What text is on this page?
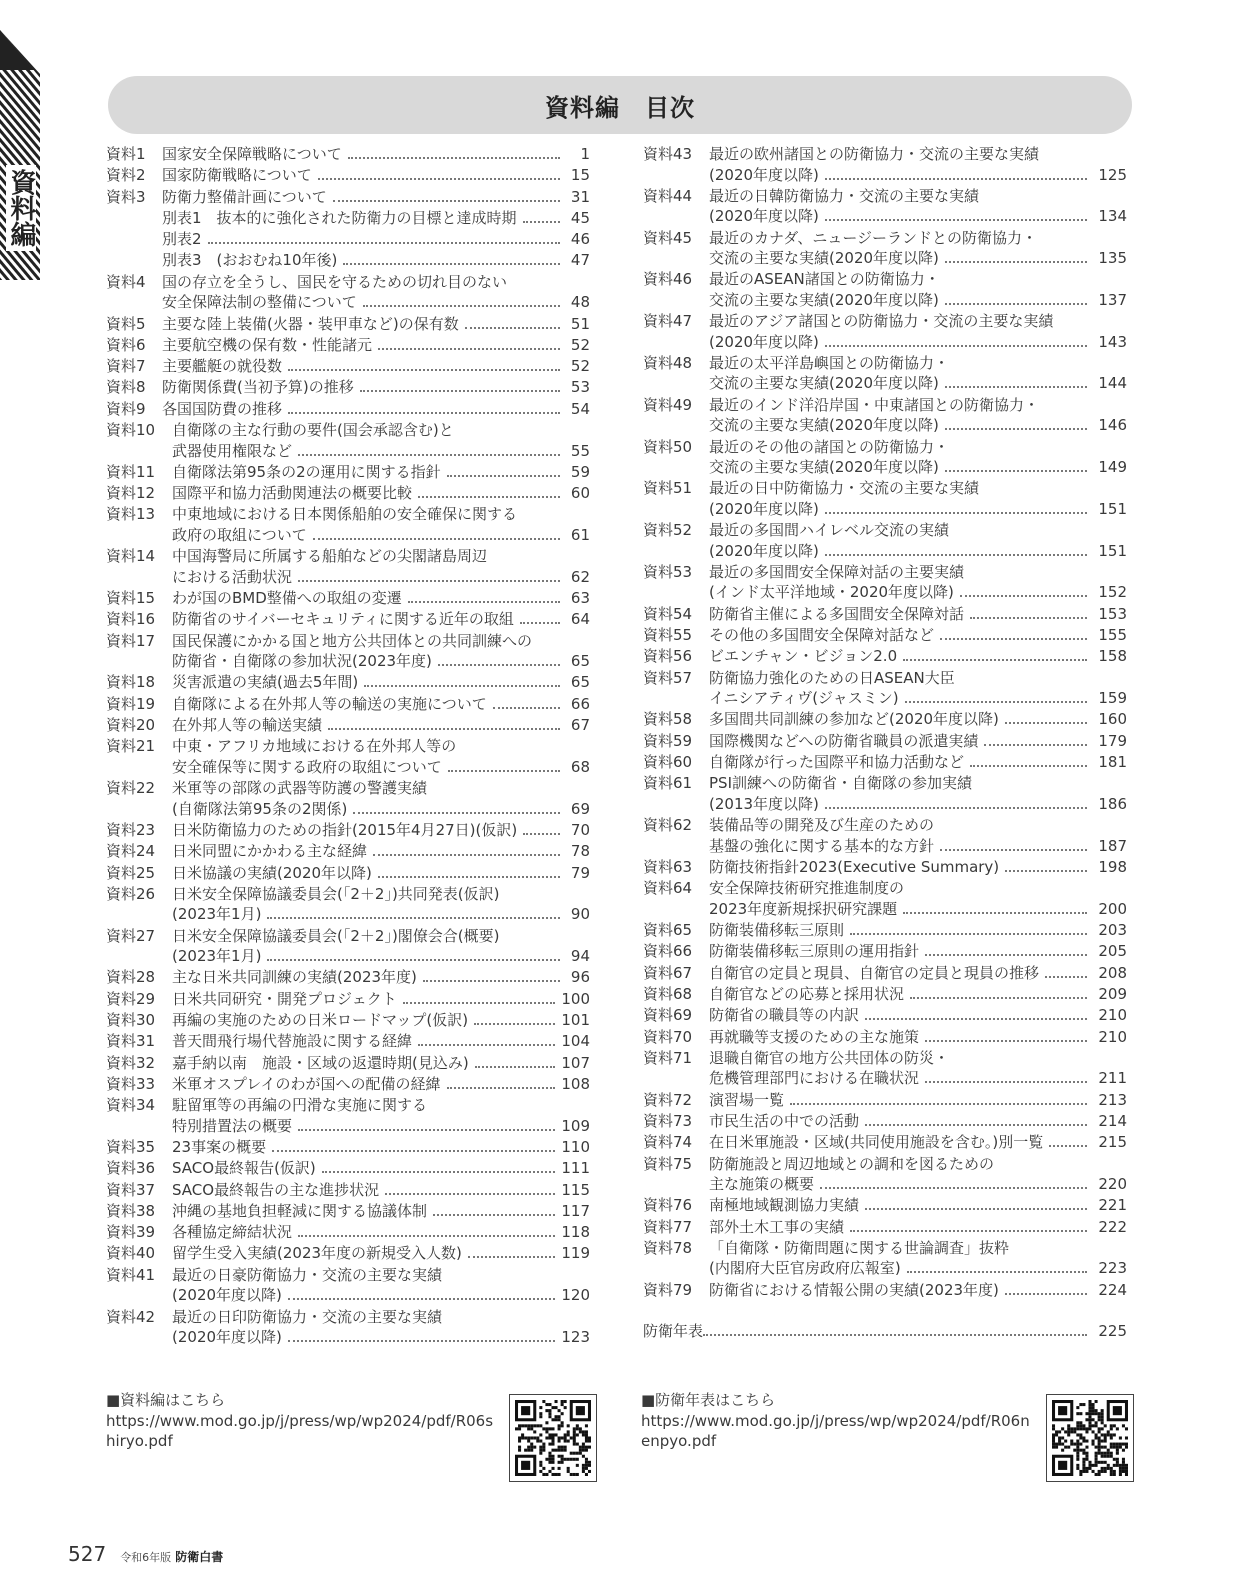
資料編
資料編　目次
資料1	国家安全保障戦略について	1
資料2	国家防衛戦略について	15
資料3	防衛力整備計画について	31
別表1　抜本的に強化された防衛力の目標と達成時期	45
別表2	46
別表3　(おおむね10年後)	47
資料4	国の存立を全うし、国民を守るための切れ目のない
安全保障法制の整備について	48
資料5	主要な陸上装備(火器・装甲車など)の保有数	51
資料6	主要航空機の保有数・性能諸元	52
資料7	主要艦艇の就役数	52
資料8	防衛関係費(当初予算)の推移	53
資料9	各国国防費の推移	54
資料10	自衛隊の主な行動の要件(国会承認含む)と
武器使用権限など	55
資料11	自衛隊法第95条の2の運用に関する指針	59
資料12	国際平和協力活動関連法の概要比較	60
資料13	中東地域における日本関係船舶の安全確保に関する
政府の取組について	61
資料14	中国海警局に所属する船舶などの尖閣諸島周辺
における活動状況	62
資料15	わが国のBMD整備への取組の変遷	63
資料16	防衛省のサイバーセキュリティに関する近年の取組	64
資料17	国民保護にかかる国と地方公共団体との共同訓練への
防衛省・自衛隊の参加状況(2023年度)	65
資料18	災害派遣の実績(過去5年間)	65
資料19	自衛隊による在外邦人等の輸送の実施について	66
資料20	在外邦人等の輸送実績	67
資料21	中東・アフリカ地域における在外邦人等の
安全確保等に関する政府の取組について	68
資料22	米軍等の部隊の武器等防護の警護実績
(自衛隊法第95条の2関係)	69
資料23	日米防衛協力のための指針(2015年4月27日)(仮訳)	70
資料24	日米同盟にかかわる主な経緯	78
資料25	日米協議の実績(2020年以降)	79
資料26	日米安全保障協議委員会(「2＋2」)共同発表(仮訳)
(2023年1月)	90
資料27	日米安全保障協議委員会(「2＋2」)閣僚会合(概要)
(2023年1月)	94
資料28	主な日米共同訓練の実績(2023年度)	96
資料29	日米共同研究・開発プロジェクト	100
資料30	再編の実施のための日米ロードマップ(仮訳)	101
資料31	普天間飛行場代替施設に関する経緯	104
資料32	嘉手納以南　施設・区域の返還時期(見込み)	107
資料33	米軍オスプレイのわが国への配備の経緯	108
資料34	駐留軍等の再編の円滑な実施に関する
特別措置法の概要	109
資料35	23事案の概要	110
資料36	SACO最終報告(仮訳)	111
資料37	SACO最終報告の主な進捗状況	115
資料38	沖縄の基地負担軽減に関する協議体制	117
資料39	各種協定締結状況	118
資料40	留学生受入実績(2023年度の新規受入人数)	119
資料41	最近の日豪防衛協力・交流の主要な実績
(2020年度以降)	120
資料42	最近の日印防衛協力・交流の主要な実績
(2020年度以降)	123
資料43	最近の欧州諸国との防衛協力・交流の主要な実績
(2020年度以降)	125
資料44	最近の日韓防衛協力・交流の主要な実績
(2020年度以降)	134
資料45	最近のカナダ、ニュージーランドとの防衛協力・
交流の主要な実績(2020年度以降)	135
資料46	最近のASEAN諸国との防衛協力・
交流の主要な実績(2020年度以降)	137
資料47	最近のアジア諸国との防衛協力・交流の主要な実績
(2020年度以降)	143
資料48	最近の太平洋島嶼国との防衛協力・
交流の主要な実績(2020年度以降)	144
資料49	最近のインド洋沿岸国・中東諸国との防衛協力・
交流の主要な実績(2020年度以降)	146
資料50	最近のその他の諸国との防衛協力・
交流の主要な実績(2020年度以降)	149
資料51	最近の日中防衛協力・交流の主要な実績
(2020年度以降)	151
資料52	最近の多国間ハイレベル交流の実績
(2020年度以降)	151
資料53	最近の多国間安全保障対話の主要実績
(インド太平洋地域・2020年度以降)	152
資料54	防衛省主催による多国間安全保障対話	153
資料55	その他の多国間安全保障対話など	155
資料56	ビエンチャン・ビジョン2.0	158
資料57	防衛協力強化のための日ASEAN大臣
イニシアティヴ(ジャスミン)	159
資料58	多国間共同訓練の参加など(2020年度以降)	160
資料59	国際機関などへの防衛省職員の派遣実績	179
資料60	自衛隊が行った国際平和協力活動など	181
資料61	PSI訓練への防衛省・自衛隊の参加実績
(2013年度以降)	186
資料62	装備品等の開発及び生産のための
基盤の強化に関する基本的な方針	187
資料63	防衛技術指針2023(Executive Summary)	198
資料64	安全保障技術研究推進制度の
2023年度新規採択研究課題	200
資料65	防衛装備移転三原則	203
資料66	防衛装備移転三原則の運用指針	205
資料67	自衛官の定員と現員、自衛官の定員と現員の推移	208
資料68	自衛官などの応募と採用状況	209
資料69	防衛省の職員等の内訳	210
資料70	再就職等支援のための主な施策	210
資料71	退職自衛官の地方公共団体の防災・
危機管理部門における在職状況	211
資料72	演習場一覧	213
資料73	市民生活の中での活動	214
資料74	在日米軍施設・区域(共同使用施設を含む。)別一覧	215
資料75	防衛施設と周辺地域との調和を図るための
主な施策の概要	220
資料76	南極地域観測協力実績	221
資料77	部外土木工事の実績	222
資料78	「自衛隊・防衛問題に関する世論調査」抜粋
(内閣府大臣官房政府広報室)	223
資料79	防衛省における情報公開の実績(2023年度)	224
防衛年表	225
■資料編はこちら
https://www.mod.go.jp/j/press/wp/wp2024/pdf/R06shiryo.pdf
■防衛年表はこちら
https://www.mod.go.jp/j/press/wp/wp2024/pdf/R06nenpyo.pdf
527 令和6年版 防衛白書
